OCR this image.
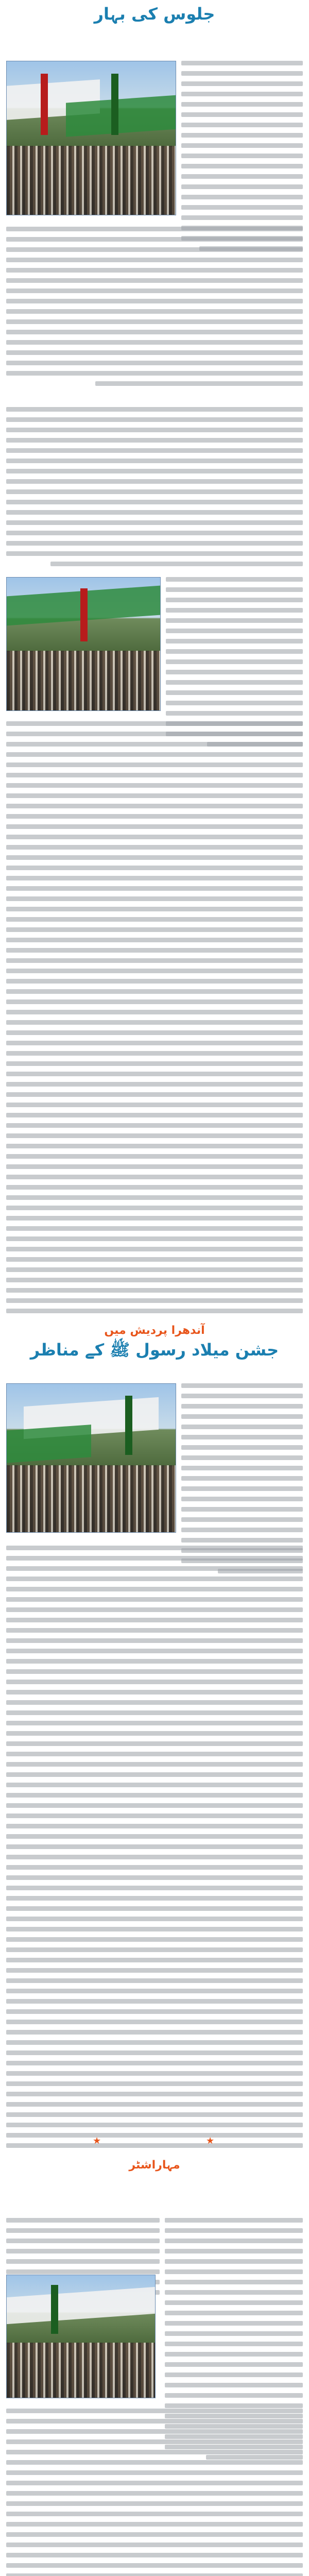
جلوس کی بہار
آندھرا پردیش میں
جشن میلاد رسول ﷺ کے مناظر
★
★
مہاراشٹر
